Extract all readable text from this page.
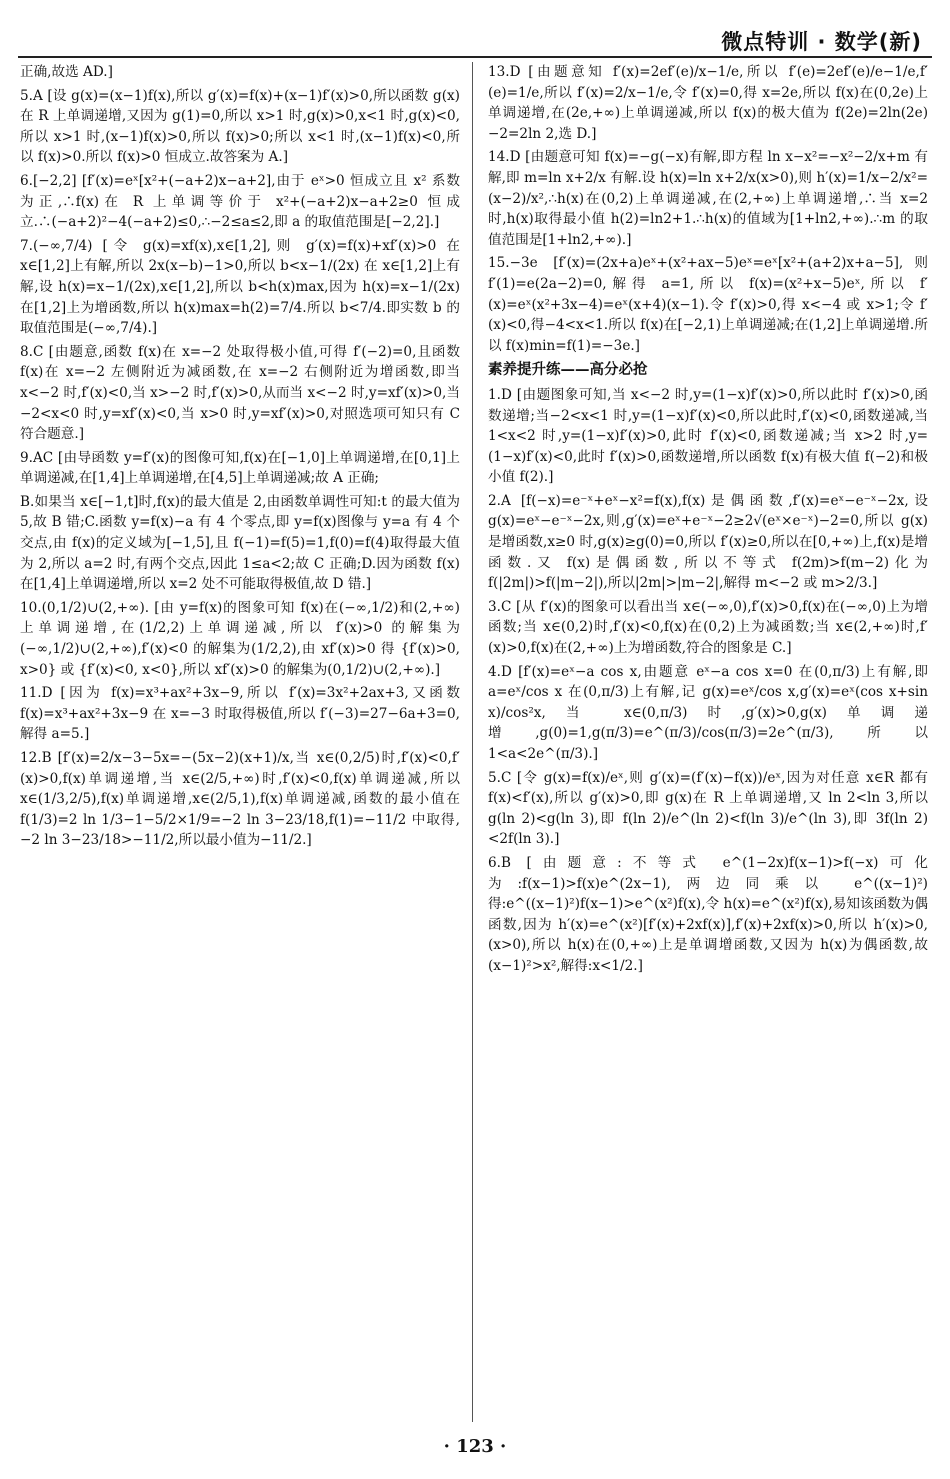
微点特训 · 数学(新)

正确,故选 AD.]

5.A [设 g(x)=(x−1)f(x),所以 g′(x)=f(x)+(x−1)f′(x)>0,所以函数 g(x)在 R 上单调递增,又因为 g(1)=0,所以 x>1 时,g(x)>0,x<1 时,g(x)<0,所以 x>1 时,(x−1)f(x)>0,所以 f(x)>0;所以 x<1 时,(x−1)f(x)<0,所以 f(x)>0.所以 f(x)>0 恒成立.故答案为 A.]

6.[−2,2] [f′(x)=eˣ[x²+(−a+2)x−a+2],由于 eˣ>0 恒成立且 x² 系数为正,∴f(x)在 R 上单调等价于 x²+(−a+2)x−a+2≥0 恒成立.∴(−a+2)²−4(−a+2)≤0,∴−2≤a≤2,即 a 的取值范围是[−2,2].]

7.(−∞,7/4) [令 g(x)=xf(x),x∈[1,2],则 g′(x)=f(x)+xf′(x)>0 在 x∈[1,2]上有解,所以 2x(x−b)−1>0,所以 b<x−1/(2x) 在 x∈[1,2]上有解,设 h(x)=x−1/(2x),x∈[1,2],所以 b<h(x)max,因为 h(x)=x−1/(2x) 在[1,2]上为增函数,所以 h(x)max=h(2)=7/4.所以 b<7/4.即实数 b 的取值范围是(−∞,7/4).]

8.C [由题意,函数 f(x)在 x=−2 处取得极小值,可得 f′(−2)=0,且函数 f(x)在 x=−2 左侧附近为减函数,在 x=−2 右侧附近为增函数,即当 x<−2 时,f′(x)<0,当 x>−2 时,f′(x)>0,从而当 x<−2 时,y=xf′(x)>0,当−2<x<0 时,y=xf′(x)<0,当 x>0 时,y=xf′(x)>0,对照选项可知只有 C 符合题意.]

9.AC [由导函数 y=f′(x)的图像可知,f(x)在[−1,0]上单调递增,在[0,1]上单调递减,在[1,4]上单调递增,在[4,5]上单调递减;故 A 正确;

B.如果当 x∈[−1,t]时,f(x)的最大值是 2,由函数单调性可知:t 的最大值为 5,故 B 错;C.函数 y=f(x)−a 有 4 个零点,即 y=f(x)图像与 y=a 有 4 个交点,由 f(x)的定义域为[−1,5],且 f(−1)=f(5)=1,f(0)=f(4)取得最大值为 2,所以 a=2 时,有两个交点,因此 1≤a<2;故 C 正确;D.因为函数 f(x)在[1,4]上单调递增,所以 x=2 处不可能取得极值,故 D 错.]

10.(0,1/2)∪(2,+∞). [由 y=f(x)的图象可知 f(x)在(−∞,1/2)和(2,+∞)上单调递增,在(1/2,2)上单调递减,所以 f′(x)>0 的解集为(−∞,1/2)∪(2,+∞),f′(x)<0 的解集为(1/2,2),由 xf′(x)>0 得 {f′(x)>0, x>0} 或 {f′(x)<0, x<0},所以 xf′(x)>0 的解集为(0,1/2)∪(2,+∞).]

11.D [因为 f(x)=x³+ax²+3x−9,所以 f′(x)=3x²+2ax+3,又函数 f(x)=x³+ax²+3x−9 在 x=−3 时取得极值,所以 f′(−3)=27−6a+3=0,解得 a=5.]

12.B [f′(x)=2/x−3−5x=−(5x−2)(x+1)/x,当 x∈(0,2/5)时,f′(x)<0,f′(x)>0,f(x)单调递增,当 x∈(2/5,+∞)时,f′(x)<0,f(x)单调递减,所以 x∈(1/3,2/5),f(x)单调递增,x∈(2/5,1),f(x)单调递减,函数的最小值在 f(1/3)=2 ln 1/3−1−5/2×1/9=−2 ln 3−23/18,f(1)=−11/2 中取得,−2 ln 3−23/18>−11/2,所以最小值为−11/2.]

13.D [由题意知 f′(x)=2ef′(e)/x−1/e,所以 f′(e)=2ef′(e)/e−1/e,f′(e)=1/e,所以 f′(x)=2/x−1/e,令 f′(x)=0,得 x=2e,所以 f(x)在(0,2e)上单调递增,在(2e,+∞)上单调递减,所以 f(x)的极大值为 f(2e)=2ln(2e)−2=2ln 2,选 D.]

14.D [由题意可知 f(x)=−g(−x)有解,即方程 ln x−x²=−x²−2/x+m 有解,即 m=ln x+2/x 有解.设 h(x)=ln x+2/x(x>0),则 h′(x)=1/x−2/x²=(x−2)/x²,∴h(x)在(0,2)上单调递减,在(2,+∞)上单调递增,∴当 x=2 时,h(x)取得最小值 h(2)=ln2+1.∴h(x)的值域为[1+ln2,+∞).∴m 的取值范围是[1+ln2,+∞).]

15.−3e [f′(x)=(2x+a)eˣ+(x²+ax−5)eˣ=eˣ[x²+(a+2)x+a−5],则 f′(1)=e(2a−2)=0,解得 a=1,所以 f(x)=(x²+x−5)eˣ,所以 f′(x)=eˣ(x²+3x−4)=eˣ(x+4)(x−1).令 f′(x)>0,得 x<−4 或 x>1;令 f′(x)<0,得−4<x<1.所以 f(x)在[−2,1)上单调递减;在(1,2]上单调递增.所以 f(x)min=f(1)=−3e.]

素养提升练——高分必抢

1.D [由题图象可知,当 x<−2 时,y=(1−x)f′(x)>0,所以此时 f′(x)>0,函数递增;当−2<x<1 时,y=(1−x)f′(x)<0,所以此时,f′(x)<0,函数递减,当 1<x<2 时,y=(1−x)f′(x)>0,此时 f′(x)<0,函数递减;当 x>2 时,y=(1−x)f′(x)<0,此时 f′(x)>0,函数递增,所以函数 f(x)有极大值 f(−2)和极小值 f(2).]

2.A [f(−x)=e⁻ˣ+eˣ−x²=f(x),f(x)是偶函数,f′(x)=eˣ−e⁻ˣ−2x,设 g(x)=eˣ−e⁻ˣ−2x,则,g′(x)=eˣ+e⁻ˣ−2≥2√(eˣ×e⁻ˣ)−2=0,所以 g(x)是增函数,x≥0 时,g(x)≥g(0)=0,所以 f′(x)≥0,所以在[0,+∞)上,f(x)是增函数.又 f(x)是偶函数,所以不等式 f(2m)>f(m−2)化为 f(|2m|)>f(|m−2|),所以|2m|>|m−2|,解得 m<−2 或 m>2/3.]

3.C [从 f′(x)的图象可以看出当 x∈(−∞,0),f′(x)>0,f(x)在(−∞,0)上为增函数;当 x∈(0,2)时,f′(x)<0,f(x)在(0,2)上为减函数;当 x∈(2,+∞)时,f′(x)>0,f(x)在(2,+∞)上为增函数,符合的图象是 C.]

4.D [f′(x)=eˣ−a cos x,由题意 eˣ−a cos x=0 在(0,π/3)上有解,即 a=eˣ/cos x 在(0,π/3)上有解,记 g(x)=eˣ/cos x,g′(x)=eˣ(cos x+sin x)/cos²x,当 x∈(0,π/3)时,g′(x)>0,g(x)单调递增,g(0)=1,g(π/3)=e^(π/3)/cos(π/3)=2e^(π/3),所以 1<a<2e^(π/3).]

5.C [令 g(x)=f(x)/eˣ,则 g′(x)=(f′(x)−f(x))/eˣ,因为对任意 x∈R 都有 f(x)<f′(x),所以 g′(x)>0,即 g(x)在 R 上单调递增,又 ln 2<ln 3,所以 g(ln 2)<g(ln 3),即 f(ln 2)/e^(ln 2)<f(ln 3)/e^(ln 3),即 3f(ln 2)<2f(ln 3).]

6.B [由题意:不等式 e^(1−2x)f(x−1)>f(−x)可化为:f(x−1)>f(x)e^(2x−1),两边同乘以 e^((x−1)²)得:e^((x−1)²)f(x−1)>e^(x²)f(x),令 h(x)=e^(x²)f(x),易知该函数为偶函数,因为 h′(x)=e^(x²)[f′(x)+2xf(x)],f′(x)+2xf(x)>0,所以 h′(x)>0,(x>0),所以 h(x)在(0,+∞)上是单调增函数,又因为 h(x)为偶函数,故(x−1)²>x²,解得:x<1/2.]

· 123 ·
